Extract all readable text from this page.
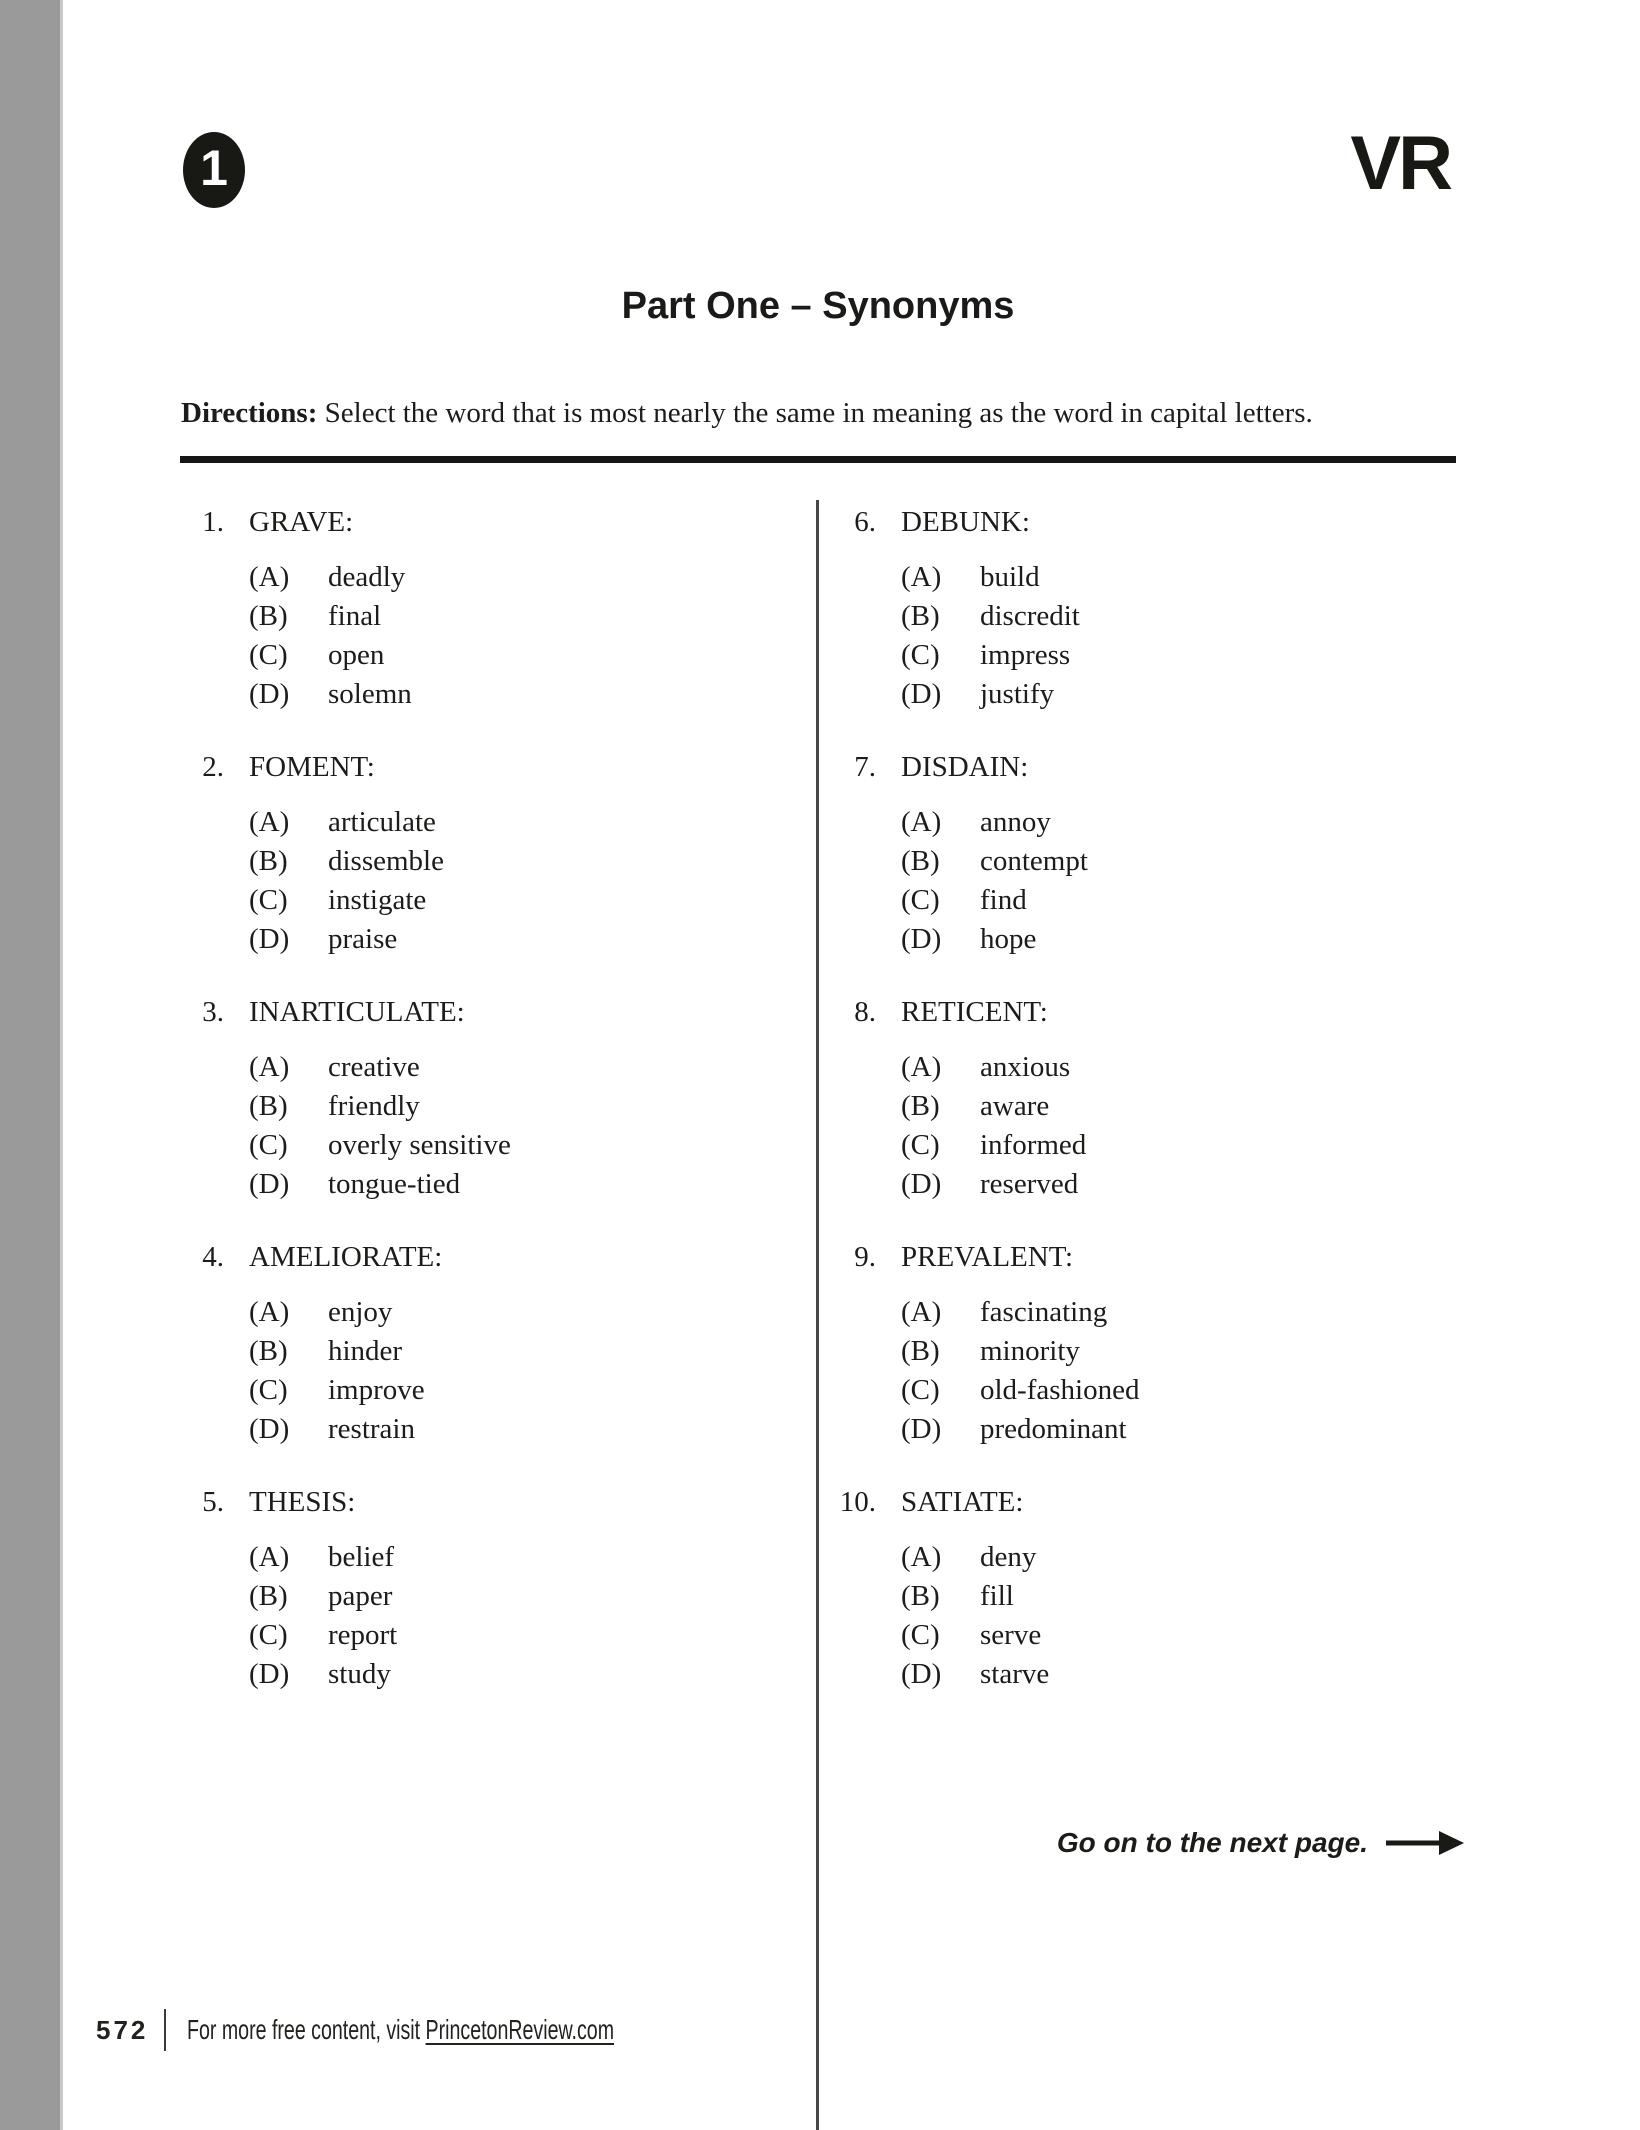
1	VR
Part One – Synonyms
Directions: Select the word that is most nearly the same in meaning as the word in capital letters.
1. GRAVE:
(A)	deadly
(B)	final
(C)	open
(D)	solemn
2. FOMENT:
(A)	articulate
(B)	dissemble
(C)	instigate
(D)	praise
3. INARTICULATE:
(A)	creative
(B)	friendly
(C)	overly sensitive
(D)	tongue-tied
4. AMELIORATE:
(A)	enjoy
(B)	hinder
(C)	improve
(D)	restrain
5. THESIS:
(A)	belief
(B)	paper
(C)	report
(D)	study
6. DEBUNK:
(A)	build
(B)	discredit
(C)	impress
(D)	justify
7. DISDAIN:
(A)	annoy
(B)	contempt
(C)	find
(D)	hope
8. RETICENT:
(A)	anxious
(B)	aware
(C)	informed
(D)	reserved
9. PREVALENT:
(A)	fascinating
(B)	minority
(C)	old-fashioned
(D)	predominant
10. SATIATE:
(A)	deny
(B)	fill
(C)	serve
(D)	starve
Go on to the next page.
572 For more free content, visit PrincetonReview.com
